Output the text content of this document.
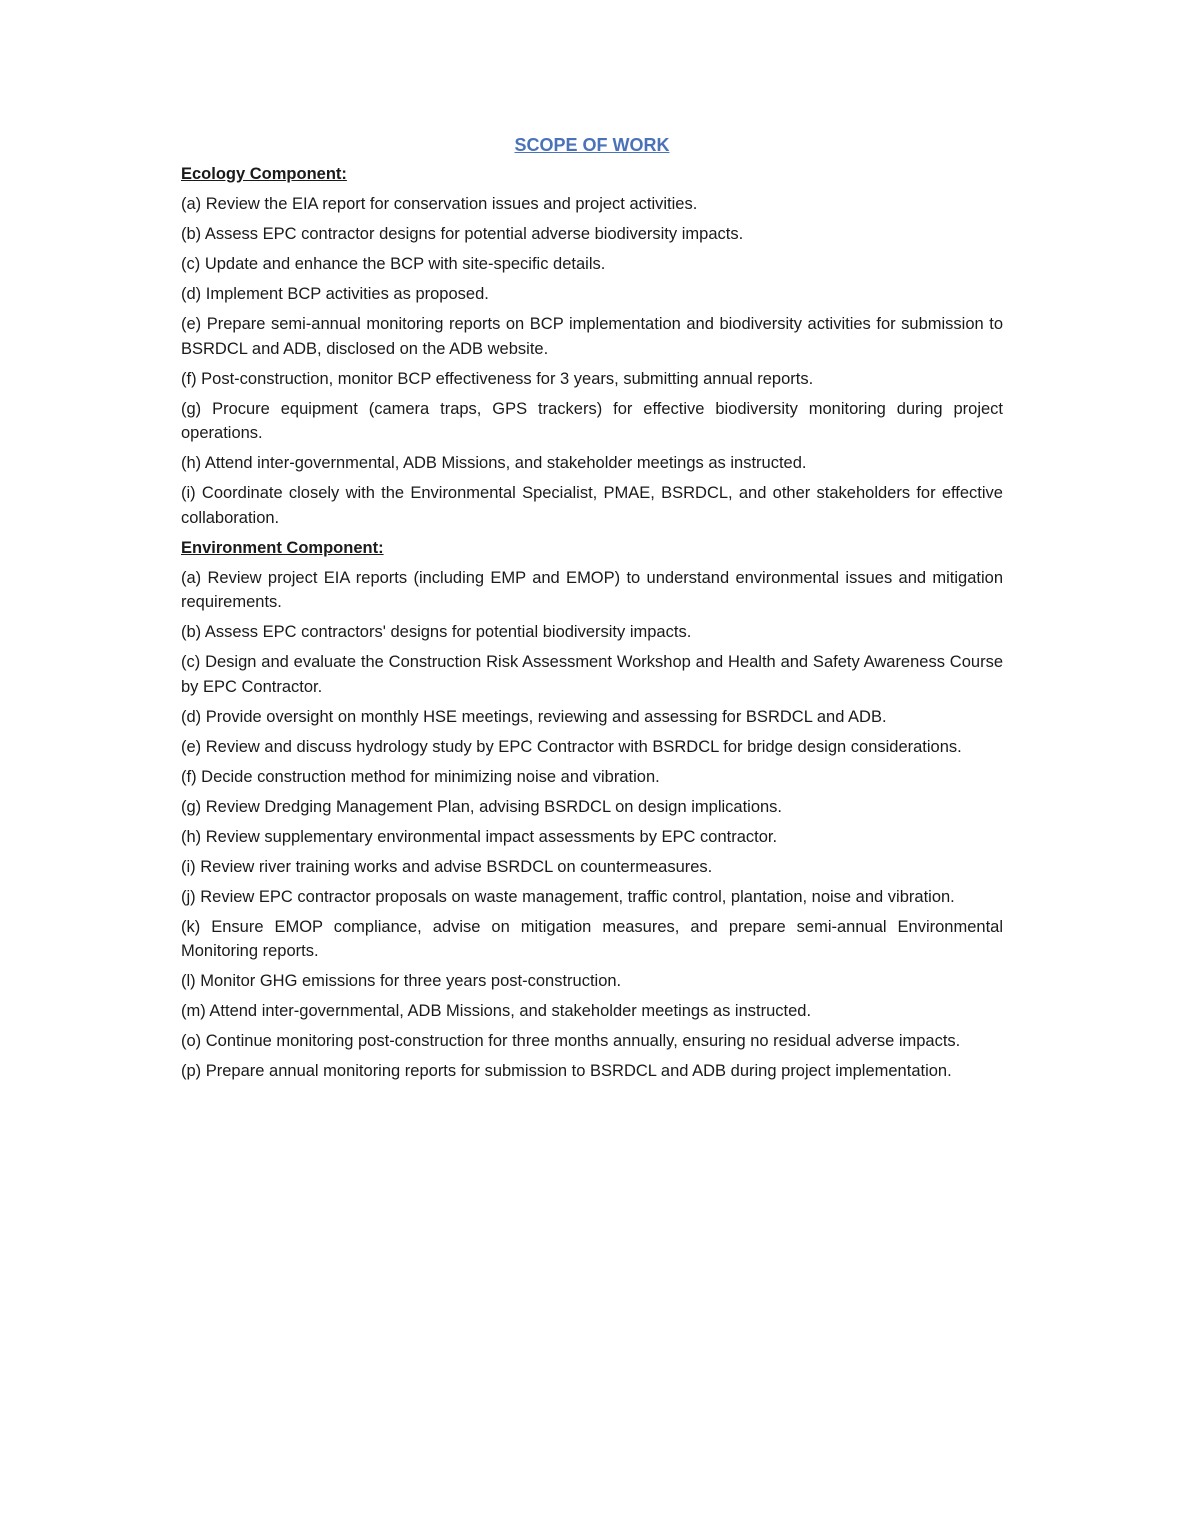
SCOPE OF WORK
Ecology Component:

(a) Review the EIA report for conservation issues and project activities.

(b) Assess EPC contractor designs for potential adverse biodiversity impacts.

(c) Update and enhance the BCP with site-specific details.

(d) Implement BCP activities as proposed.

(e) Prepare semi-annual monitoring reports on BCP implementation and biodiversity activities for submission to BSRDCL and ADB, disclosed on the ADB website.

(f) Post-construction, monitor BCP effectiveness for 3 years, submitting annual reports.

(g) Procure equipment (camera traps, GPS trackers) for effective biodiversity monitoring during project operations.

(h) Attend inter-governmental, ADB Missions, and stakeholder meetings as instructed.

(i) Coordinate closely with the Environmental Specialist, PMAE, BSRDCL, and other stakeholders for effective collaboration.

Environment Component:

(a) Review project EIA reports (including EMP and EMOP) to understand environmental issues and mitigation requirements.

(b) Assess EPC contractors' designs for potential biodiversity impacts.

(c) Design and evaluate the Construction Risk Assessment Workshop and Health and Safety Awareness Course by EPC Contractor.

(d) Provide oversight on monthly HSE meetings, reviewing and assessing for BSRDCL and ADB.

(e) Review and discuss hydrology study by EPC Contractor with BSRDCL for bridge design considerations.

(f) Decide construction method for minimizing noise and vibration.

(g) Review Dredging Management Plan, advising BSRDCL on design implications.

(h) Review supplementary environmental impact assessments by EPC contractor.

(i) Review river training works and advise BSRDCL on countermeasures.

(j) Review EPC contractor proposals on waste management, traffic control, plantation, noise and vibration.

(k) Ensure EMOP compliance, advise on mitigation measures, and prepare semi-annual Environmental Monitoring reports.

(l) Monitor GHG emissions for three years post-construction.

(m) Attend inter-governmental, ADB Missions, and stakeholder meetings as instructed.

(o) Continue monitoring post-construction for three months annually, ensuring no residual adverse impacts.

(p) Prepare annual monitoring reports for submission to BSRDCL and ADB during project implementation.
